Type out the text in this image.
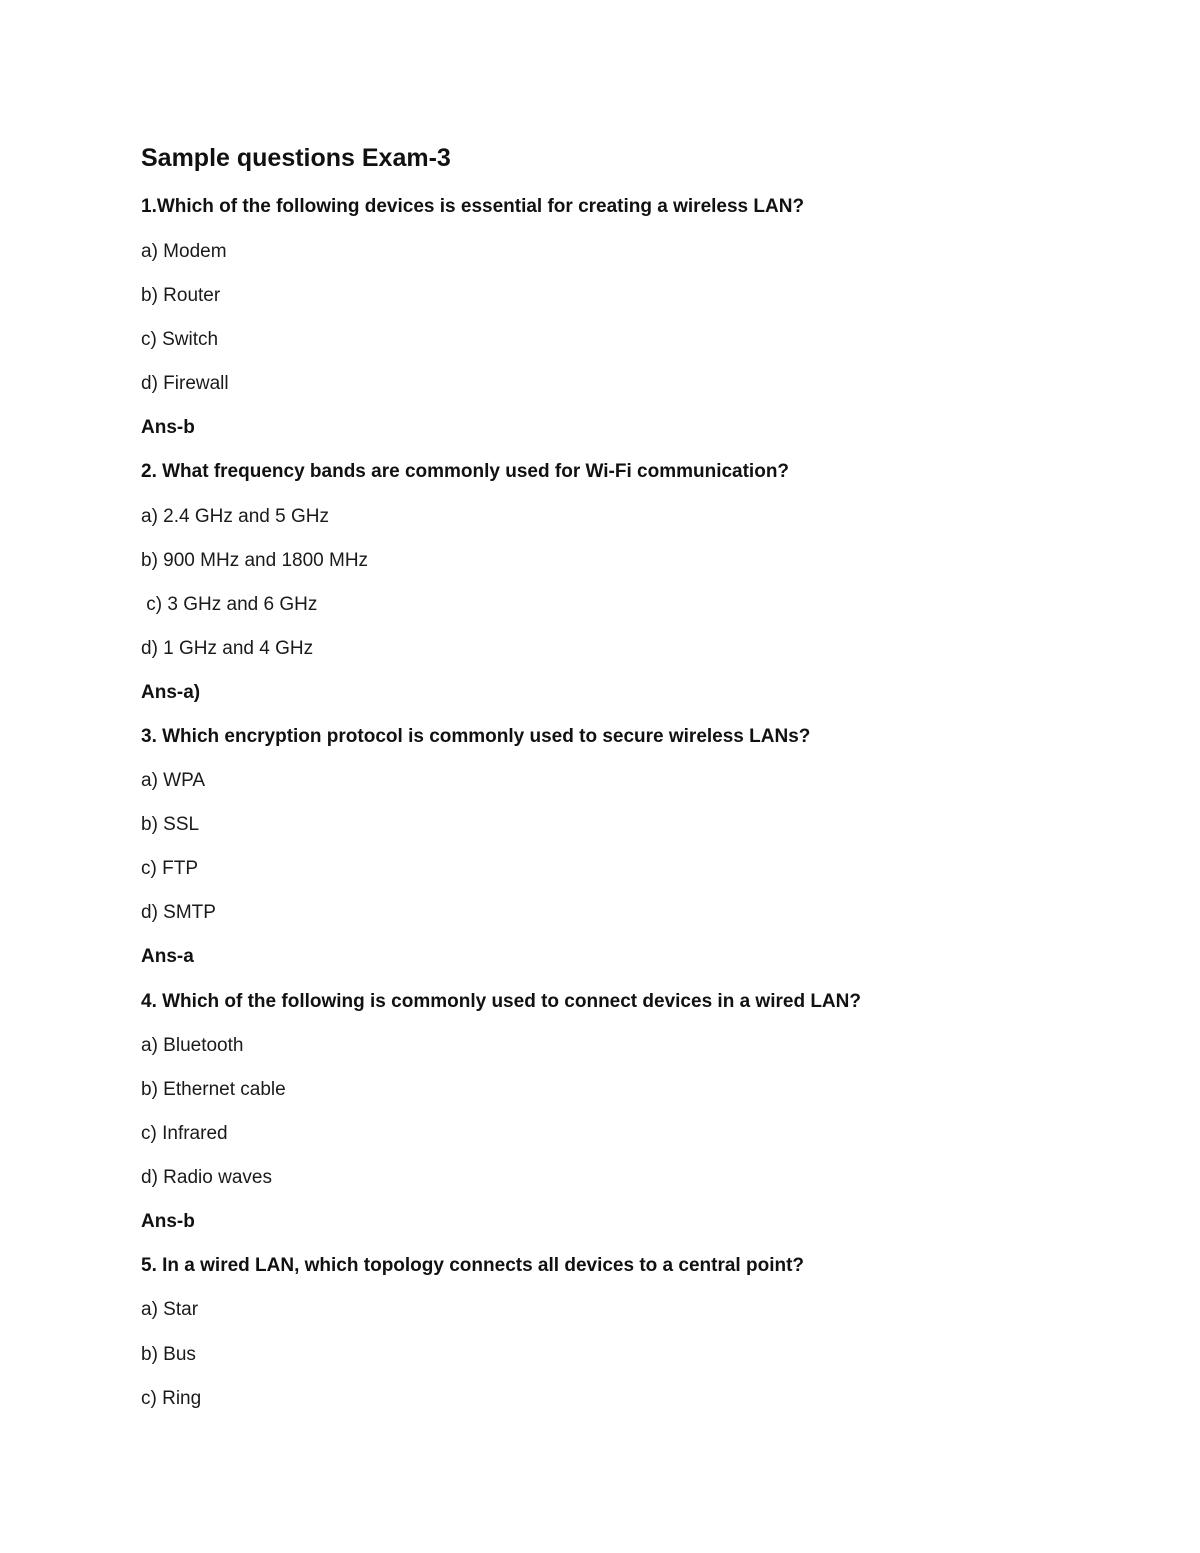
Sample questions Exam-3
1.Which of the following devices is essential for creating a wireless LAN?
a) Modem
b) Router
c) Switch
d) Firewall
Ans-b
2. What frequency bands are commonly used for Wi-Fi communication?
a) 2.4 GHz and 5 GHz
b) 900 MHz and 1800 MHz
c) 3 GHz and 6 GHz
d) 1 GHz and 4 GHz
Ans-a)
3. Which encryption protocol is commonly used to secure wireless LANs?
a) WPA
b) SSL
c) FTP
d) SMTP
Ans-a
4. Which of the following is commonly used to connect devices in a wired LAN?
a) Bluetooth
b) Ethernet cable
c) Infrared
d) Radio waves
Ans-b
5. In a wired LAN, which topology connects all devices to a central point?
a) Star
b) Bus
c) Ring
